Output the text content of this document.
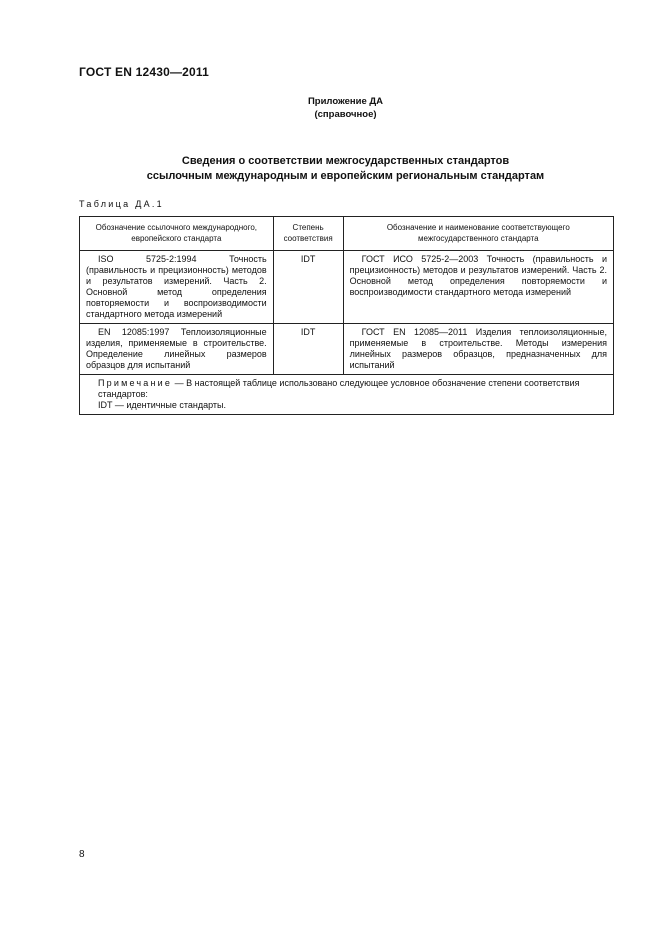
ГОСТ EN 12430—2011
Приложение ДА
(справочное)
Сведения о соответствии межгосударственных стандартов
ссылочным международным и европейским региональным стандартам
Таблица ДА.1
Обозначение ссылочного международного, европейского стандарта	Степень соответствия	Обозначение и наименование соответствующего межгосударственного стандарта
ISO 5725-2:1994 Точность (правильность и прецизионность) методов и результатов измерений. Часть 2. Основной метод определения повторяемости и воспроизводимости стандартного метода измерений	IDT	ГОСТ ИСО 5725-2—2003 Точность (правильность и прецизионность) методов и результатов измерений. Часть 2. Основной метод определения повторяемости и воспроизводимости стандартного метода измерений
EN 12085:1997 Теплоизоляционные изделия, применяемые в строительстве. Определение линейных размеров образцов для испытаний	IDT	ГОСТ EN 12085—2011 Изделия теплоизоляционные, применяемые в строительстве. Методы измерения линейных размеров образцов, предназначенных для испытаний

Примечание — В настоящей таблице использовано следующее условное обозначение степени соответствия стандартов:
IDT — идентичные стандарты.		
8
